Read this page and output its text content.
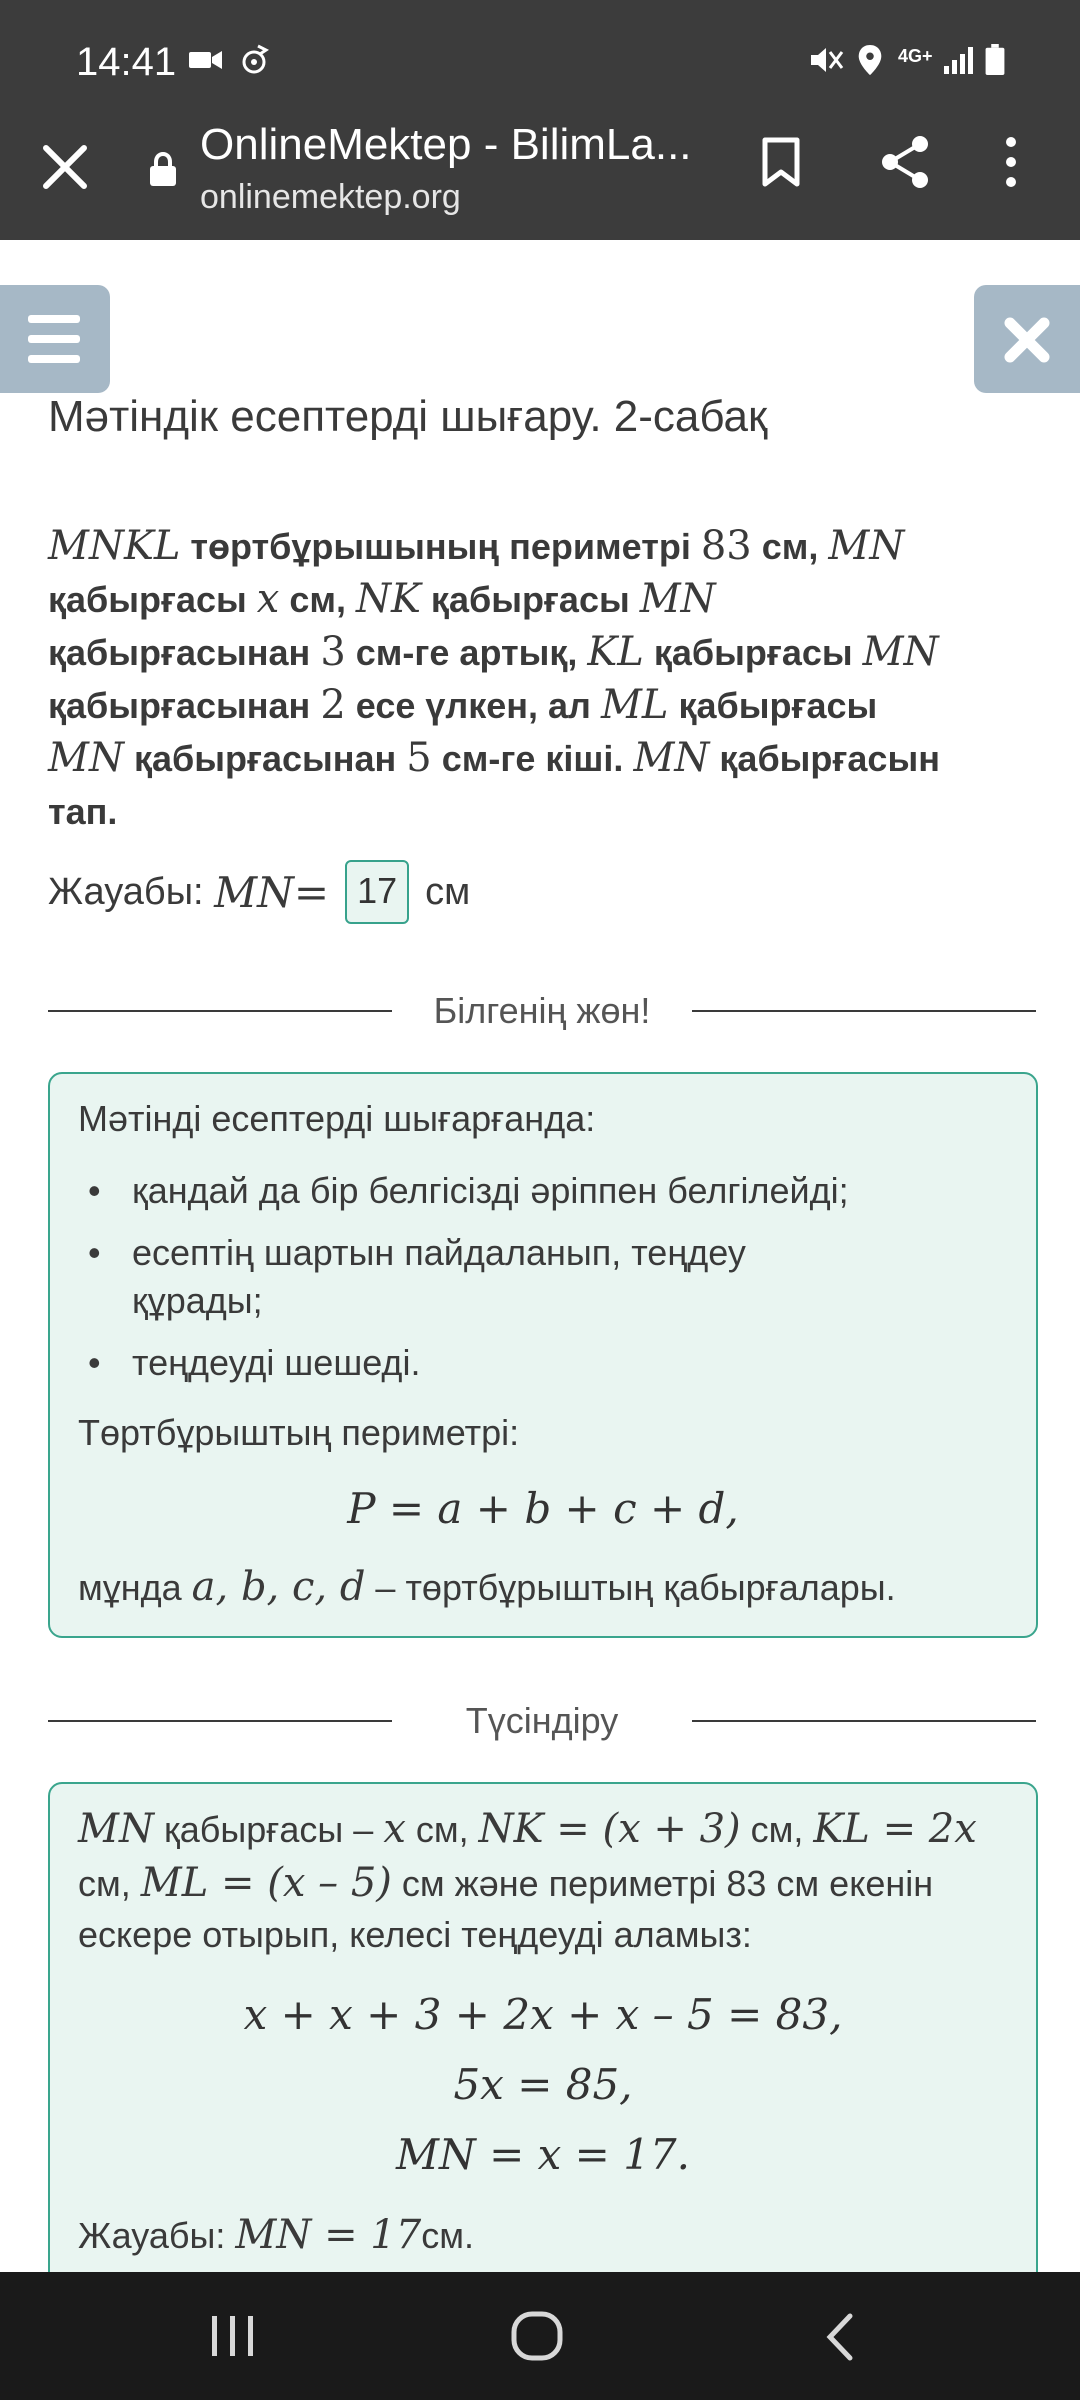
14:41	4G+
OnlineMektep - BilimLa...
onlinemektep.org
Мәтіндік есептерді шығару. 2-сабақ
MNKL төртбұрышының периметрі 83 см, MN
қабырғасы x см, NK қабырғасы MN
қабырғасынан 3 см-ге артық, KL қабырғасы MN
қабырғасынан 2 есе үлкен, ал ML қабырғасы
MN қабырғасынан 5 см-ге кіші. MN қабырғасын
тап.
Жауабы:
MN = 17 см
Білгенің жөн!
Мәтінді есептерді шығарғанда:
• қандай да бір белгісізді әріппен белгілейді;
• есептің шартын пайдаланып, теңдеу
құрады;
• теңдеуді шешеді.
Төртбұрыштың периметрі:
P = a + b + c + d,
мұнда a, b, c, d – төртбұрыштың қабырғалары.
Түсіндіру
MN қабырғасы – x см, NK = (x + 3) см, KL = 2x
см, ML = (x – 5) см және периметрі 83 см екенін
ескере отырып, келесі теңдеуді аламыз:
x + x + 3 + 2x + x – 5 = 83,
5x = 85,
MN = x = 17.
Жауабы: MN = 17см.
